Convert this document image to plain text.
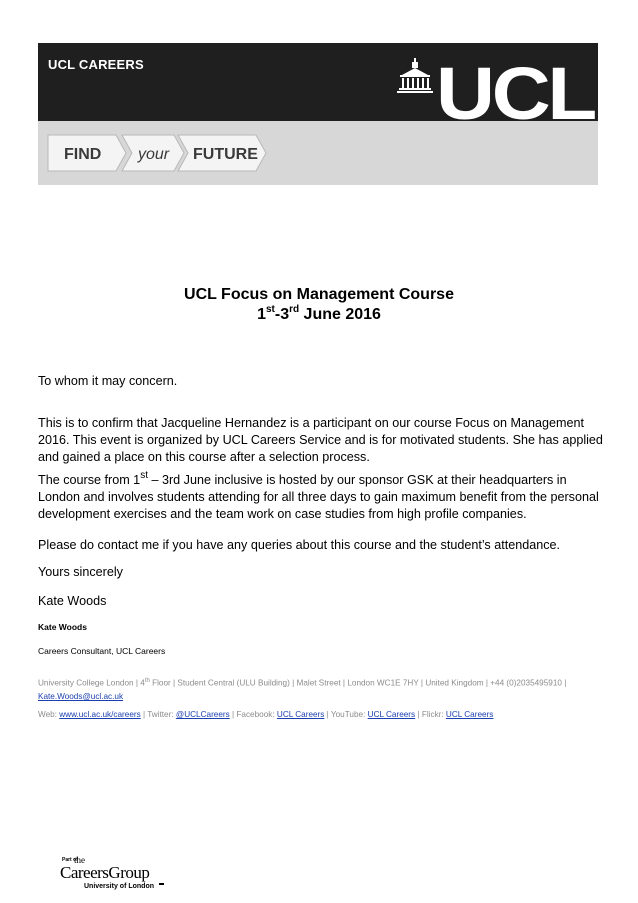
UCL CAREERS	UCL
FIND your FUTURE
UCL Focus on Management Course
1st-3rd June 2016
To whom it may concern.
This is to confirm that Jacqueline Hernandez is a participant on our course Focus on Management 2016. This event is organized by UCL Careers Service and is for motivated students. She has applied and gained a place on this course after a selection process.
The course from 1st – 3rd June inclusive is hosted by our sponsor GSK at their headquarters in London and involves students attending for all three days to gain maximum benefit from the personal development exercises and the team work on case studies from high profile companies.
Please do contact me if you have any queries about this course and the student’s attendance.
Yours sincerely
Kate Woods
Kate Woods
Careers Consultant, UCL Careers
University College London | 4th Floor | Student Central (ULU Building) | Malet Street | London WC1E 7HY | United Kingdom | +44 (0)2035495910 |
Kate.Woods@ucl.ac.uk
Web: www.ucl.ac.uk/careers | Twitter: @UCLCareers | Facebook: UCL Careers | YouTube: UCL Careers | Flickr: UCL Careers
Part of
the
CareersGroup
University of London
